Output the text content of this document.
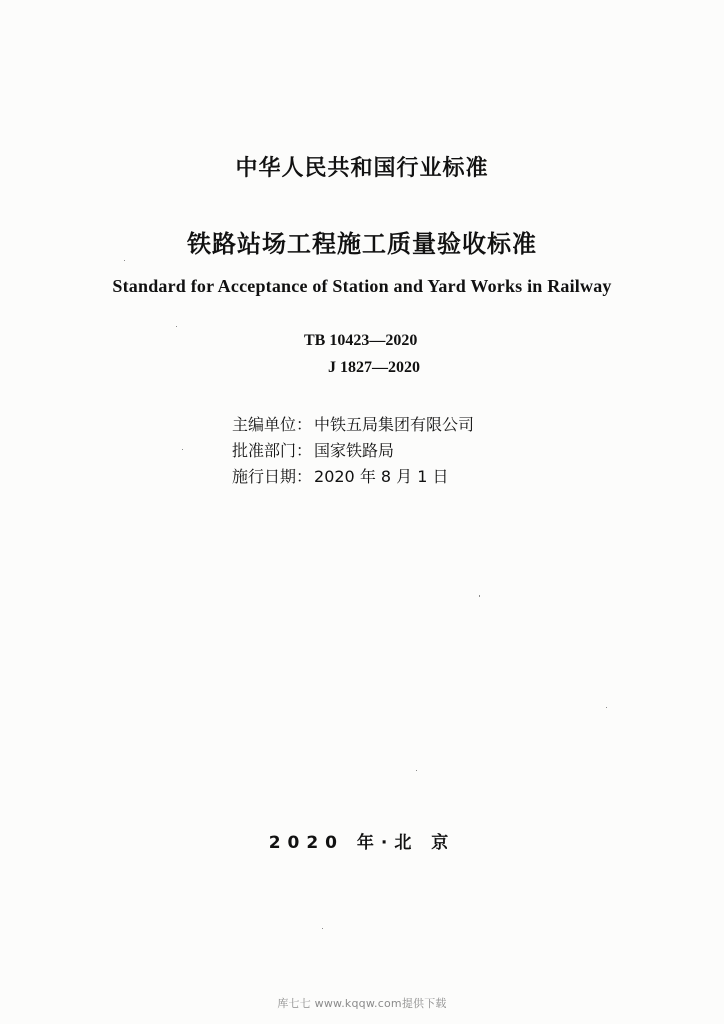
中华人民共和国行业标准
铁路站场工程施工质量验收标准
Standard for Acceptance of Station and Yard Works in Railway
TB 10423—2020
J 1827—2020
主编单位： 中铁五局集团有限公司
批准部门： 国家铁路局
施行日期： 2020 年 8 月 1 日
2020 年·北 京
库七七 www.kqqw.com提供下载
